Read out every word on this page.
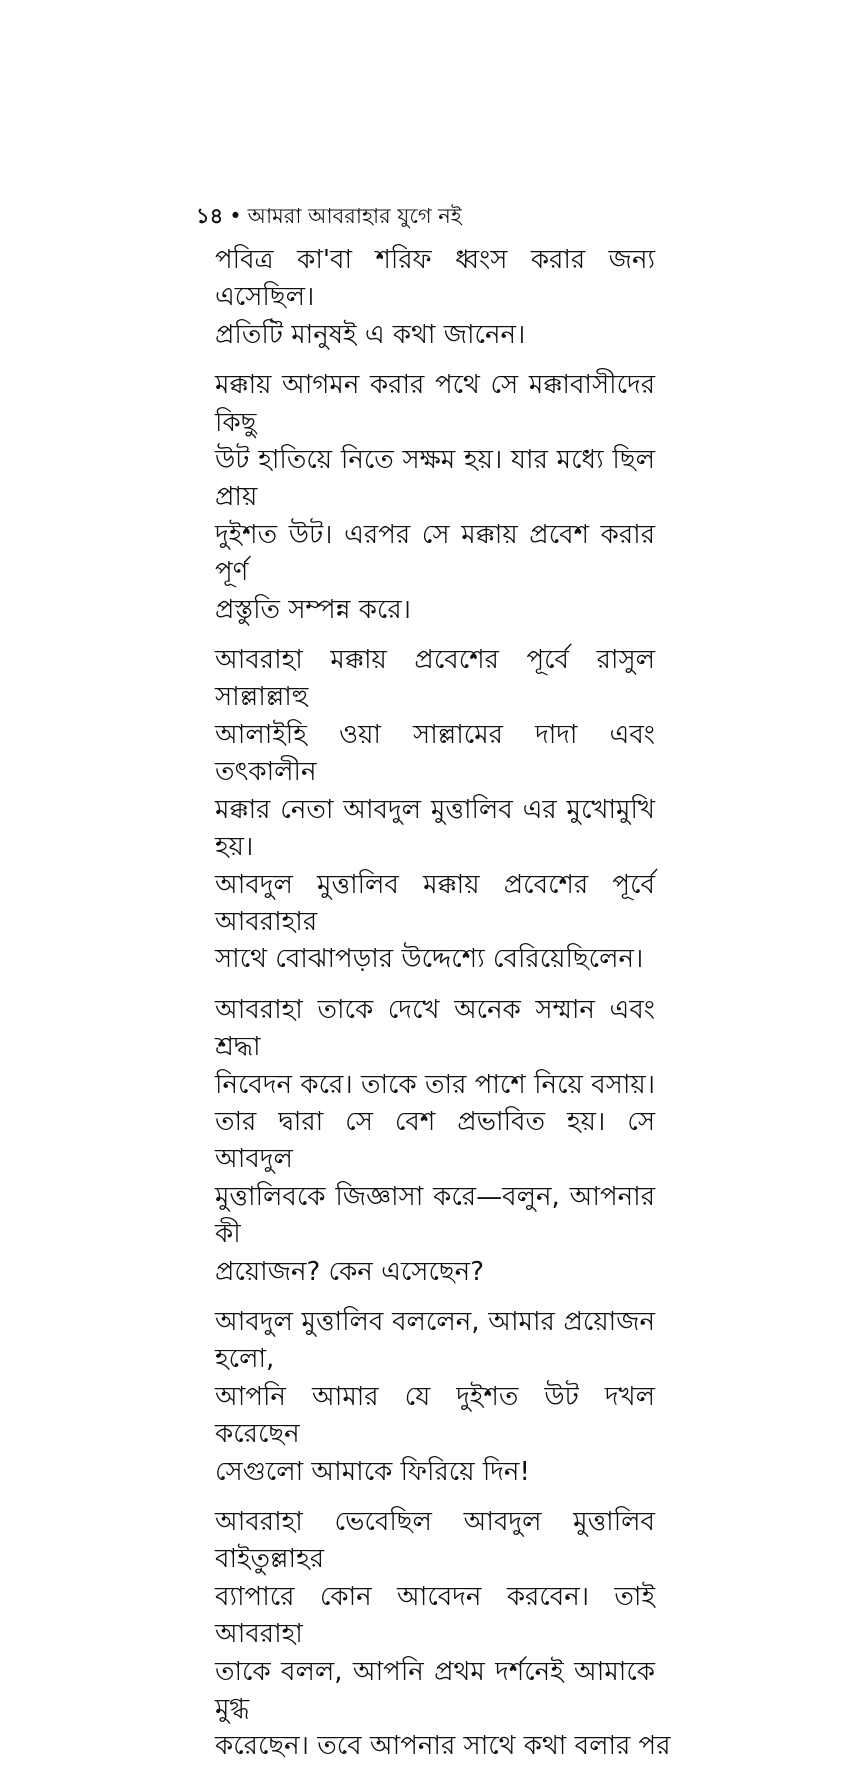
১৪ • আমরা আবরাহার যুগে নই
পবিত্র কা'বা শরিফ ধ্বংস করার জন্য এসেছিল।
প্রতিটি মানুষই এ কথা জানেন।
মক্কায় আগমন করার পথে সে মক্কাবাসীদের কিছু
উট হাতিয়ে নিতে সক্ষম হয়। যার মধ্যে ছিল প্রায়
দুইশত উট। এরপর সে মক্কায় প্রবেশ করার পূর্ণ
প্রস্তুতি সম্পন্ন করে।
আবরাহা মক্কায় প্রবেশের পূর্বে রাসুল সাল্লাল্লাহু
আলাইহি ওয়া সাল্লামের দাদা এবং তৎকালীন
মক্কার নেতা আবদুল মুত্তালিব এর মুখোমুখি হয়।
আবদুল মুত্তালিব মক্কায় প্রবেশের পূর্বে আবরাহার
সাথে বোঝাপড়ার উদ্দেশ্যে বেরিয়েছিলেন।
আবরাহা তাকে দেখে অনেক সম্মান এবং শ্রদ্ধা
নিবেদন করে। তাকে তার পাশে নিয়ে বসায়।
তার দ্বারা সে বেশ প্রভাবিত হয়। সে আবদুল
মুত্তালিবকে জিজ্ঞাসা করে—বলুন, আপনার কী
প্রয়োজন? কেন এসেছেন?
আবদুল মুত্তালিব বললেন, আমার প্রয়োজন হলো,
আপনি আমার যে দুইশত উট দখল করেছেন
সেগুলো আমাকে ফিরিয়ে দিন!
আবরাহা ভেবেছিল আবদুল মুত্তালিব বাইতুল্লাহর
ব্যাপারে কোন আবেদন করবেন। তাই আবরাহা
তাকে বলল, আপনি প্রথম দর্শনেই আমাকে মুগ্ধ
করেছেন। তবে আপনার সাথে কথা বলার পর
